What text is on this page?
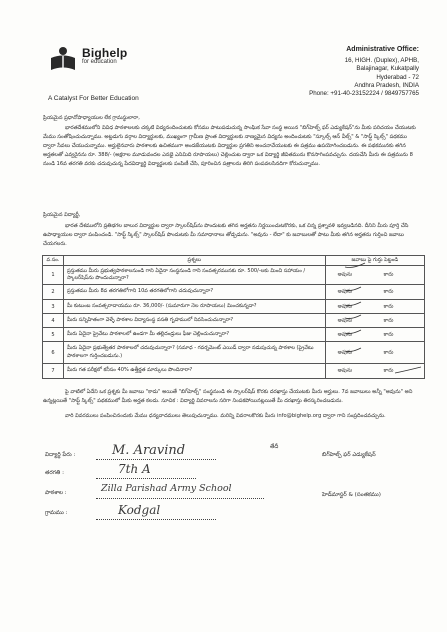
Bighelp
for education
A Catalyst For Better Education
Administrative Office:
16, HIGH. (Duplex), APHB,
Balajinagar, Kukatpally
Hyderabad - 72
Andhra Pradesh, INDIA
Phone: +91-40-23152224 / 9849757765
ప్రియమైన ప్రధానోపాధ్యాయుల లేక గ్రామస్థులారా,
భారతదేశములోని వివిధ పాఠశాలలకు చక్కటి విద్యనందించుటకు కోసము పాటుపడుచున్న సాంఘిక సేవా సంస్థ అయిన "బిగ్‌హెల్ప్ ఫర్ ఎడ్యుకేషన్"ను మీకు పరిచయం చేయుటకు మేము సంతోషించుచున్నాము. అట్టడుగు వర్గాల విద్యార్థులకు, ముఖ్యంగా గ్రామీణ ప్రాంత విద్యార్థులకు నాణ్యమైన విద్యను అందించుటకు "స్కూల్స్ ఆన్ వీల్స్" & "సాఫ్ట్ స్కిల్స్" పథకము ద్వారా సేవలు చేయుచున్నాము. అర్హులైనవారు పాఠశాలకు ఉచితముగా అందజేయుటకు విద్యార్థుల ప్రగతిని అంచనావేయుటకు ఈ పత్రము ఉపయోగించబడును. ఈ పథకమునకు తగిన అర్హతలతో ఎవ్వరైనను రూ. 388/- (అక్షరాల మూడువందల ఎనభై ఎనిమిది రూపాయలు) చెల్లించుట ద్వారా ఒక విద్యార్థి జీవితమును కొనసాగింపవచ్చును. దయచేసి మీరు ఈ పత్రమును 8 నుండి 16వ తరగతి వరకు చదువుచున్న పేదవిద్యార్థి విద్యార్థులకు పంపిణీ చేసి, పూరించిన పత్రాలను తిరిగి పంపవలసినదిగా కోరుచున్నాము.
ప్రియమైన విద్యార్థీ,
భారత దేశములోని ప్రతిభగల బాలుర విద్యార్థుల ద్వారా స్కాలర్‌షిప్‌ను పొందుటకు తగిన అర్హతను నిర్ణయించుటకొరకు, ఒక చిన్న ప్రశ్నావళి ఇవ్వబడినది. దీనిని మీరు పూర్తి చేసి ఉపాధ్యాయుల ద్వారా పంపించండి. "సాఫ్ట్ స్కిల్స్" స్కాలర్‌షిప్ పొందుటకు మీ సమాధానాలు తోడ్పడును. "అవును - లేదా" కు జవాబులతో పాటు మీకు తగిన అర్హతను గుర్తించి జవాబు చేయగలరు.
వ.సం.	ప్రశ్నలు	జవాబు పై గుర్తు పెట్టండి
1	ప్రస్తుతము మీరు ప్రభుత్వపాఠశాలనుండి గాని ఏదైనా సంస్థనుండి గాని సంవత్సరమునకు రూ. 500/-లకు మించి సహాయం / స్కాలర్‌షిప్‌ను పొందుచున్నారా?	అవును కాదు

2	ప్రస్తుతము మీరు 8వ తరగతిలోగాని 10వ తరగతిలోగాని చదువుచున్నారా?	అవును కాదు

3	మీ కుటుంబ సంవత్సరాదాయము రూ. 36,000/- (సుమారుగా నెల రూపాయలు) మించకున్నదా?	అవును కాదు

4	మీరు సన్నిహితంగా వెళ్ళే పాఠశాల విద్యాసంస్థ వసతి గృహములో నివసించుచున్నారా?	అవును కాదు

5	మీరు ఏదైనా ప్రైవేటు పాఠశాలలో ఉండగా మీ తల్లిదండ్రులు ఫీజు చెల్లించుచున్నారా?	అవును కాదు

6	మీరు ఏదైనా ప్రభుత్వేతర పాఠశాలలో చదువుచున్నారా? (సమాధ - గవర్నమెంట్ ఎయిడ్ ద్వారా నడుపుచున్న పాఠశాల (ప్రైవేటు పాఠశాలగా గుర్తించబడును.)	అవును కాదు

7	మీరు గత పరీక్షలో కనీసం 40% ఉత్తీర్ణత మార్కులు పొందినారా?	అవును కాదు
పై వాటిలో ఏదేని ఒక ప్రశ్నకు మీ జవాబు "కాదు" అయితే "బిగ్‌హెల్ప్" సంస్థనుండి ఈ స్కాలర్‌షిప్ కొరకు దరఖాస్తు చేయుటకు మీరు అర్హులు. 7వ జవాబులు అన్నీ "అవును" అని ఉన్నట్లయితే "సాఫ్ట్ స్కిల్స్" పథకములో మీకు అర్హత కలదు. సూచిక : విద్యార్థి వివరాలను సరిగా నింపకపోయినట్లయితే మీ దరఖాస్తు తిరస్కరించబడును.
వారి వివరములు పంపించినందుకు మేము ధన్యవాదములు తెలుపుచున్నాము. మరిన్ని వివరాలకొరకు మీరు info@bighelp.org ద్వారా గాని సంప్రదించవచ్చును.
విద్యార్థి పేరు :	M. Aravind
తరగతి :	7th A
పాఠశాల :	Zilla Parishad Army School
గ్రామము :	Kodgal
తేదీ
బిగ్‌హెల్ప్ ఫర్ ఎడ్యుకేషన్
హెడ్‌మాస్టర్ & (సంతకము)
